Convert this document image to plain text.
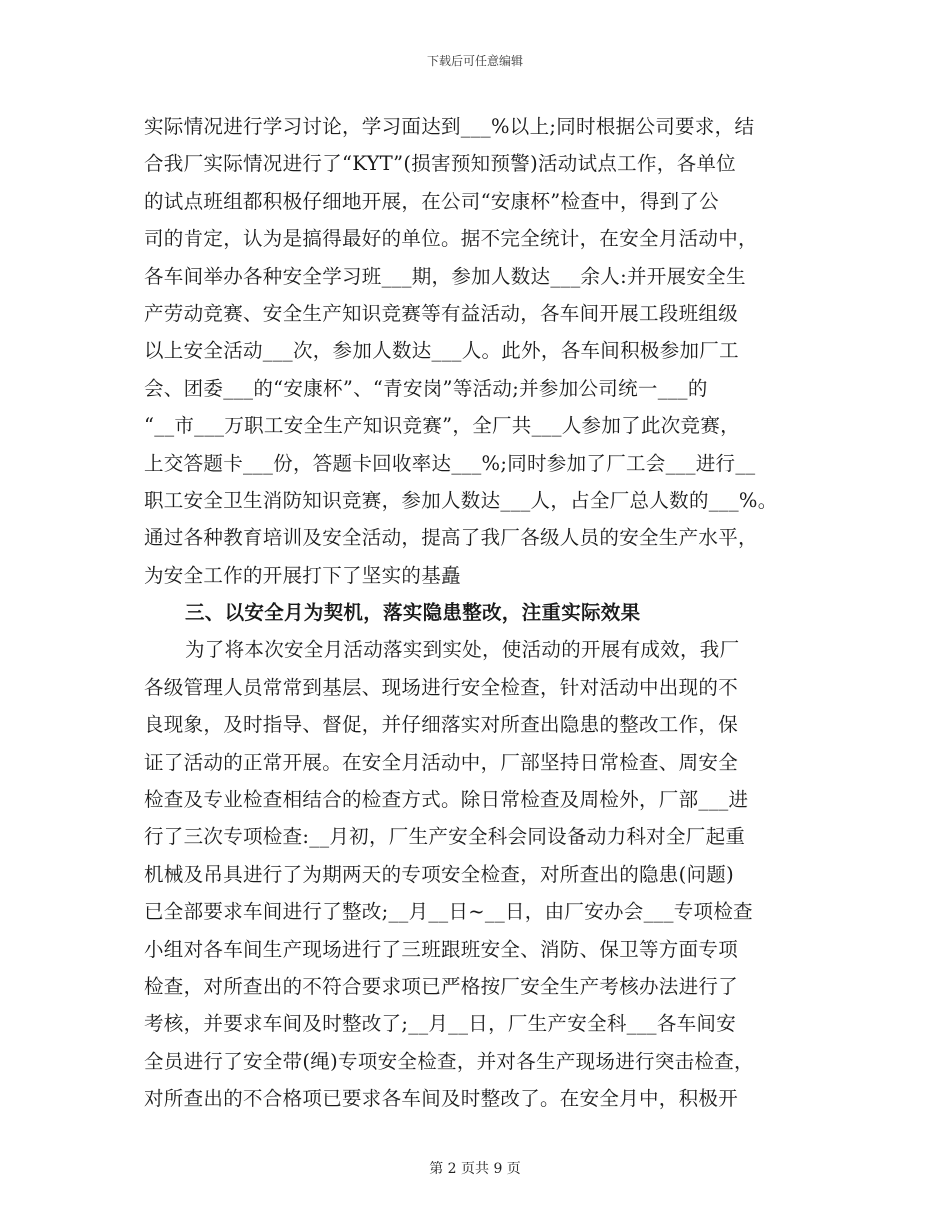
下载后可任意编辑
实际情况进行学习讨论，学习面达到___%以上;同时根据公司要求，结
合我厂实际情况进行了“KYT”(损害预知预警)活动试点工作，各单位
的试点班组都积极仔细地开展，在公司“安康杯”检查中，得到了公
司的肯定，认为是搞得最好的单位。据不完全统计，在安全月活动中，
各车间举办各种安全学习班___期，参加人数达___余人:并开展安全生
产劳动竞赛、安全生产知识竞赛等有益活动，各车间开展工段班组级
以上安全活动___次，参加人数达___人。此外，各车间积极参加厂工
会、团委___的“安康杯”、“青安岗”等活动;并参加公司统一___的
“__市___万职工安全生产知识竞赛”，全厂共___人参加了此次竞赛，
上交答题卡___份，答题卡回收率达___%;同时参加了厂工会___进行__
职工安全卫生消防知识竞赛，参加人数达___人，占全厂总人数的___%。
通过各种教育培训及安全活动，提高了我厂各级人员的安全生产水平，
为安全工作的开展打下了坚实的基矗
三、以安全月为契机，落实隐患整改，注重实际效果
为了将本次安全月活动落实到实处，使活动的开展有成效，我厂
各级管理人员常常到基层、现场进行安全检查，针对活动中出现的不
良现象，及时指导、督促，并仔细落实对所查出隐患的整改工作，保
证了活动的正常开展。在安全月活动中，厂部坚持日常检查、周安全
检查及专业检查相结合的检查方式。除日常检查及周检外，厂部___进
行了三次专项检查:__月初，厂生产安全科会同设备动力科对全厂起重
机械及吊具进行了为期两天的专项安全检查，对所查出的隐患(问题)
已全部要求车间进行了整改;__月__日~__日，由厂安办会___专项检查
小组对各车间生产现场进行了三班跟班安全、消防、保卫等方面专项
检查，对所查出的不符合要求项已严格按厂安全生产考核办法进行了
考核，并要求车间及时整改了;__月__日，厂生产安全科___各车间安
全员进行了安全带(绳)专项安全检查，并对各生产现场进行突击检查，
对所查出的不合格项已要求各车间及时整改了。在安全月中，积极开
第 2 页共 9 页
